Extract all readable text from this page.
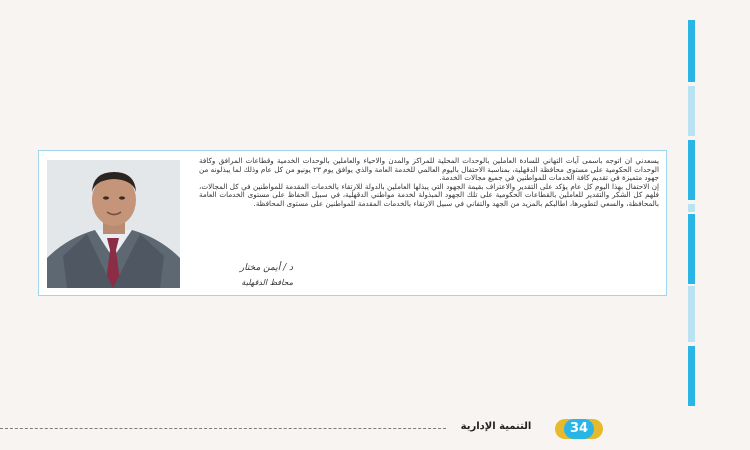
يسعدني ان اتوجه باسمى آيات التهاني للسادة العاملين بالوحدات المحلية للمراكز والمدن والاحياء والعاملين بالوحدات الخدمية وقطاعات المرافق وكافة الوحدات الحكومية على مستوى محافظة الدقهلية، بمناسبة الاحتفال باليوم العالمي للخدمة العامة والذي يوافق يوم ٢٣ يونيو من كل عام وذلك لما يبذلونه من جهود متميزة في تقديم كافة الخدمات للمواطنين في جميع مجالات الخدمة.

إن الاحتفال بهذا اليوم كل عام يؤكد على التقدير والاعتراف بقيمة الجهود التي يبذلها العاملين بالدولة للارتقاء بالخدمات المقدمة للمواطنين في كل المجالات، فلهم كل الشكر والتقدير للعاملين بالقطاعات الحكومية على تلك الجهود المبذولة لخدمة مواطني الدقهلية، في سبيل الحفاظ على مستوى الخدمات العامة بالمحافظة، والسعي لتطويرها، اطالبكم بالمزيد من الجهد والتفاني في سبيل الارتقاء بالخدمات المقدمة للمواطنين على مستوى المحافظة.

د / أيمن مختار
محافظ الدقهلية
التنمية الإدارية	34
